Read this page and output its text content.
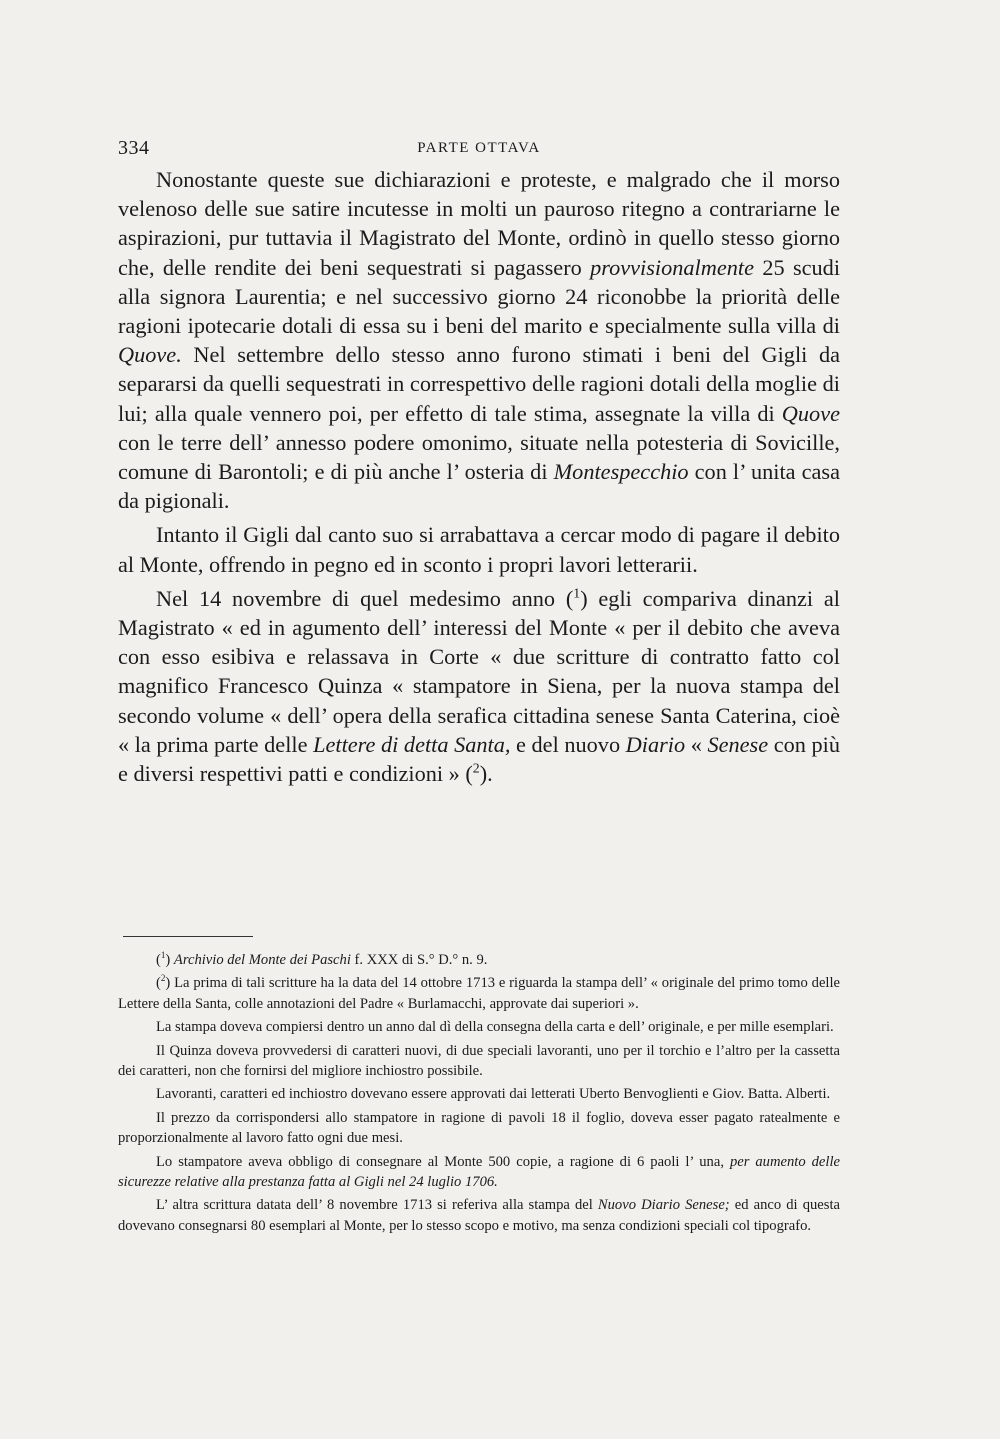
334	PARTE OTTAVA

Nonostante queste sue dichiarazioni e proteste, e malgrado che il morso velenoso delle sue satire incutesse in molti un pauroso ritegno a contrariarne le aspirazioni, pur tuttavia il Magistrato del Monte, ordinò in quello stesso giorno che, delle rendite dei beni sequestrati si pagassero provvisionalmente 25 scudi alla signora Laurentia; e nel successivo giorno 24 riconobbe la priorità delle ragioni ipotecarie dotali di essa su i beni del marito e specialmente sulla villa di Quove. Nel settembre dello stesso anno furono stimati i beni del Gigli da separarsi da quelli sequestrati in correspettivo delle ragioni dotali della moglie di lui; alla quale vennero poi, per effetto di tale stima, assegnate la villa di Quove con le terre dell’ annesso podere omonimo, situate nella potesteria di Sovicille, comune di Barontoli; e di più anche l’ osteria di Montespecchio con l’ unita casa da pigionali.

Intanto il Gigli dal canto suo si arrabattava a cercar modo di pagare il debito al Monte, offrendo in pegno ed in sconto i propri lavori letterarii.

Nel 14 novembre di quel medesimo anno ($^1$) egli compariva dinanzi al Magistrato « ed in agumento dell’ interessi del Monte « per il debito che aveva con esso esibiva e relassava in Corte « due scritture di contratto fatto col magnifico Francesco Quinza « stampatore in Siena, per la nuova stampa del secondo volume « dell’ opera della serafica cittadina senese Santa Caterina, cioè « la prima parte delle Lettere di detta Santa, e del nuovo Diario « Senese con più e diversi respettivi patti e condizioni » ($^2$).

($^1$) Archivio del Monte dei Paschi f. XXX di S.° D.° n. 9.

($^2$) La prima di tali scritture ha la data del 14 ottobre 1713 e riguarda la stampa dell’ « originale del primo tomo delle Lettere della Santa, colle annotazioni del Padre « Burlamacchi, approvate dai superiori ».

La stampa doveva compiersi dentro un anno dal dì della consegna della carta e dell’ originale, e per mille esemplari.

Il Quinza doveva provvedersi di caratteri nuovi, di due speciali lavoranti, uno per il torchio e l’altro per la cassetta dei caratteri, non che fornirsi del migliore inchiostro possibile.

Lavoranti, caratteri ed inchiostro dovevano essere approvati dai letterati Uberto Benvoglienti e Giov. Batta. Alberti.

Il prezzo da corrispondersi allo stampatore in ragione di pavoli 18 il foglio, doveva esser pagato ratealmente e proporzionalmente al lavoro fatto ogni due mesi.

Lo stampatore aveva obbligo di consegnare al Monte 500 copie, a ragione di 6 paoli l’ una, per aumento delle sicurezze relative alla prestanza fatta al Gigli nel 24 luglio 1706.

L’ altra scrittura datata dell’ 8 novembre 1713 si referiva alla stampa del Nuovo Diario Senese; ed anco di questa dovevano consegnarsi 80 esemplari al Monte, per lo stesso scopo e motivo, ma senza condizioni speciali col tipografo.
